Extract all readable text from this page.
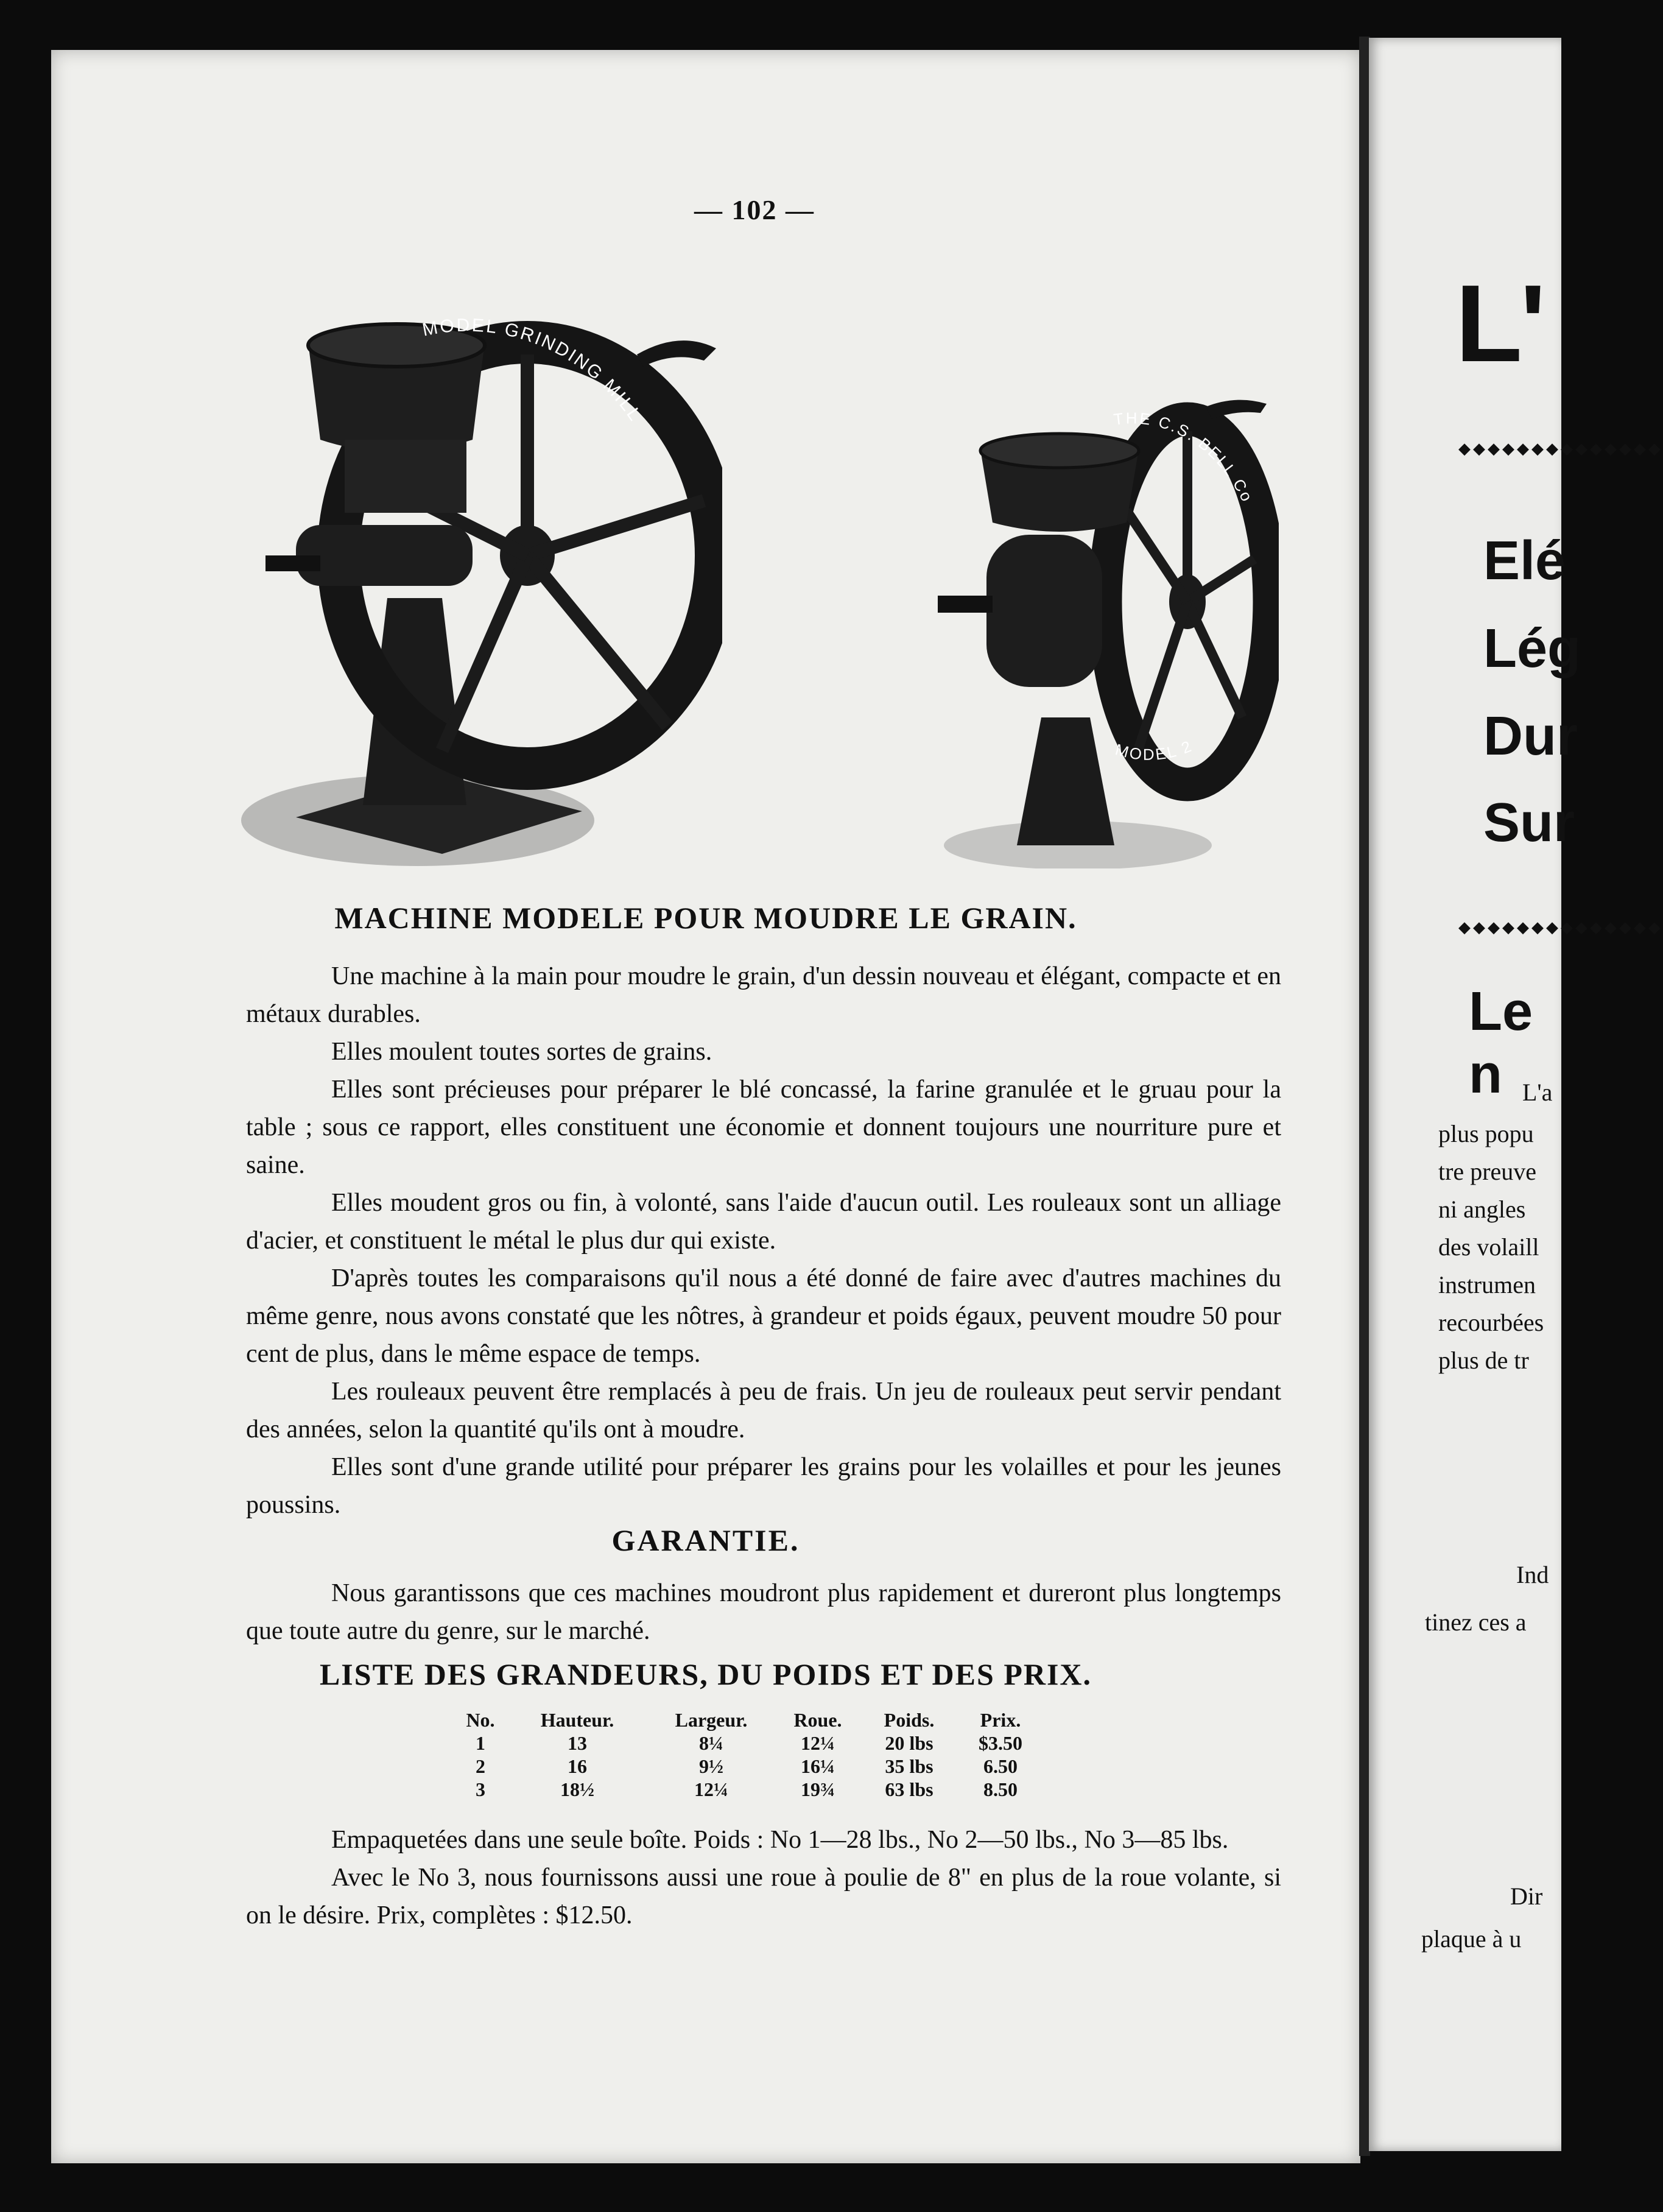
— 102 —
MODEL GRINDING MILL	THE C.S. BELL Co
MODEL 2
MACHINE MODELE POUR MOUDRE LE GRAIN.

Une machine à la main pour moudre le grain, d'un dessin nouveau et élégant, compacte et en métaux durables.

Elles moulent toutes sortes de grains.

Elles sont précieuses pour préparer le blé concassé, la farine granulée et le gruau pour la table ; sous ce rapport, elles constituent une économie et donnent toujours une nourriture pure et saine.

Elles moudent gros ou fin, à volonté, sans l'aide d'aucun outil. Les rouleaux sont un alliage d'acier, et constituent le métal le plus dur qui existe.

D'après toutes les comparaisons qu'il nous a été donné de faire avec d'autres machines du même genre, nous avons constaté que les nôtres, à grandeur et poids égaux, peuvent moudre 50 pour cent de plus, dans le même espace de temps.

Les rouleaux peuvent être remplacés à peu de frais. Un jeu de rouleaux peut servir pendant des années, selon la quantité qu'ils ont à moudre.

Elles sont d'une grande utilité pour préparer les grains pour les volailles et pour les jeunes poussins.

GARANTIE.

Nous garantissons que ces machines moudront plus rapidement et dureront plus longtemps que toute autre du genre, sur le marché.

LISTE DES GRANDEURS, DU POIDS ET DES PRIX.
No.	Hauteur.	Largeur.	Roue.	Poids.	Prix.
1	13	8¼	12¼	20 lbs	$3.50
2	16	9½	16¼	35 lbs	6.50
3	18½	12¼	19¾	63 lbs	8.50

Empaquetées dans une seule boîte. Poids : No 1—28 lbs., No 2—50 lbs., No 3—85 lbs.

Avec le No 3, nous fournissons aussi une roue à poulie de 8" en plus de la roue volante, si on le désire. Prix, complètes : $12.50.

L'
◆◆◆◆◆◆◆◆◆◆◆◆◆◆
Elé
Lég
Dur
Sur
◆◆◆◆◆◆◆◆◆◆◆◆◆◆
Le n L'a
plus popu
tre preuve
ni angles
des volaill
instrumen
recourbées
plus de tr
Ind
tinez ces a
Dir
plaque à u
